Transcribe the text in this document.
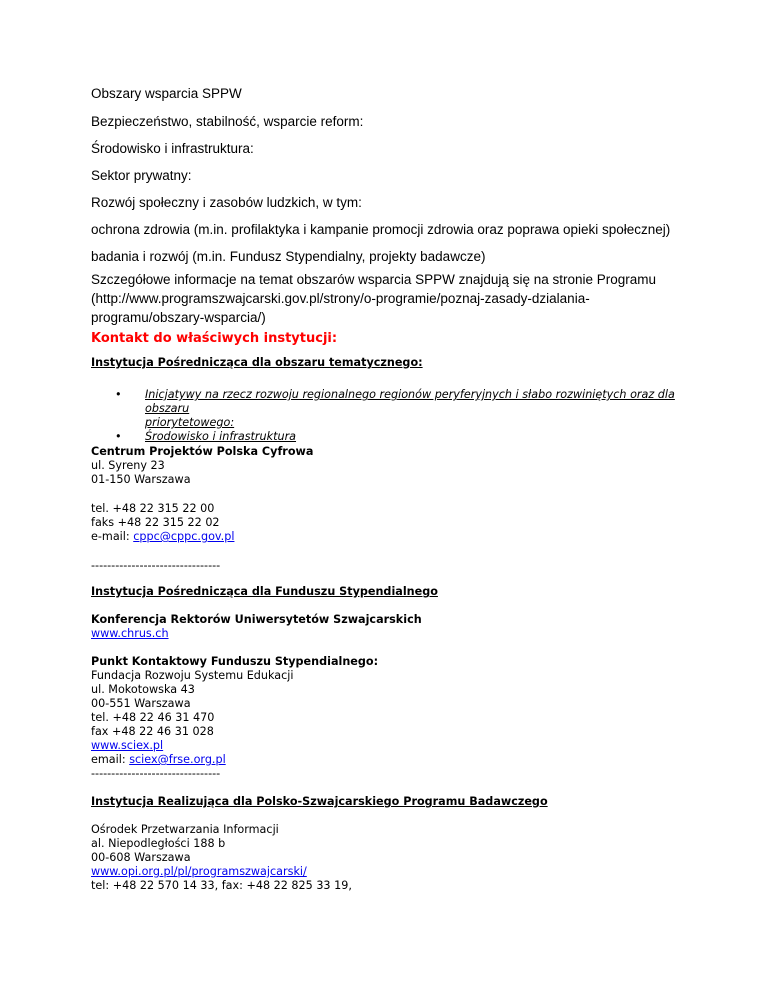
Obszary wsparcia SPPW

Bezpieczeństwo, stabilność, wsparcie reform:

Środowisko i infrastruktura:

Sektor prywatny:

Rozwój społeczny i zasobów ludzkich, w tym:

ochrona zdrowia (m.in. profilaktyka i kampanie promocji zdrowia oraz poprawa opieki społecznej)

badania i rozwój (m.in. Fundusz Stypendialny, projekty badawcze)

Szczegółowe informacje na temat obszarów wsparcia SPPW znajdują się na stronie Programu
(http://www.programszwajcarski.gov.pl/strony/o-programie/poznaj-zasady-dzialania-
programu/obszary-wsparcia/)
Kontakt do właściwych instytucji:
Instytucja Pośrednicząca dla obszaru tematycznego:
• Inicjatywy na rzecz rozwoju regionalnego regionów peryferyjnych i słabo rozwiniętych oraz dla obszaru
priorytetowego:
• Środowisko i infrastruktura
Centrum Projektów Polska Cyfrowa
ul. Syreny 23
01-150 Warszawa
tel. +48 22 315 22 00
faks +48 22 315 22 02
e-mail: cppc@cppc.gov.pl
--------------------------------
Instytucja Pośrednicząca dla Funduszu Stypendialnego
Konferencja Rektorów Uniwersytetów Szwajcarskich
www.chrus.ch
Punkt Kontaktowy Funduszu Stypendialnego:
Fundacja Rozwoju Systemu Edukacji
ul. Mokotowska 43
00-551 Warszawa
tel. +48 22 46 31 470
fax +48 22 46 31 028
www.sciex.pl
email: sciex@frse.org.pl
--------------------------------
Instytucja Realizująca dla Polsko-Szwajcarskiego Programu Badawczego
Ośrodek Przetwarzania Informacji
al. Niepodległości 188 b
00-608 Warszawa
www.opi.org.pl/pl/programszwajcarski/
tel: +48 22 570 14 33, fax: +48 22 825 33 19,
